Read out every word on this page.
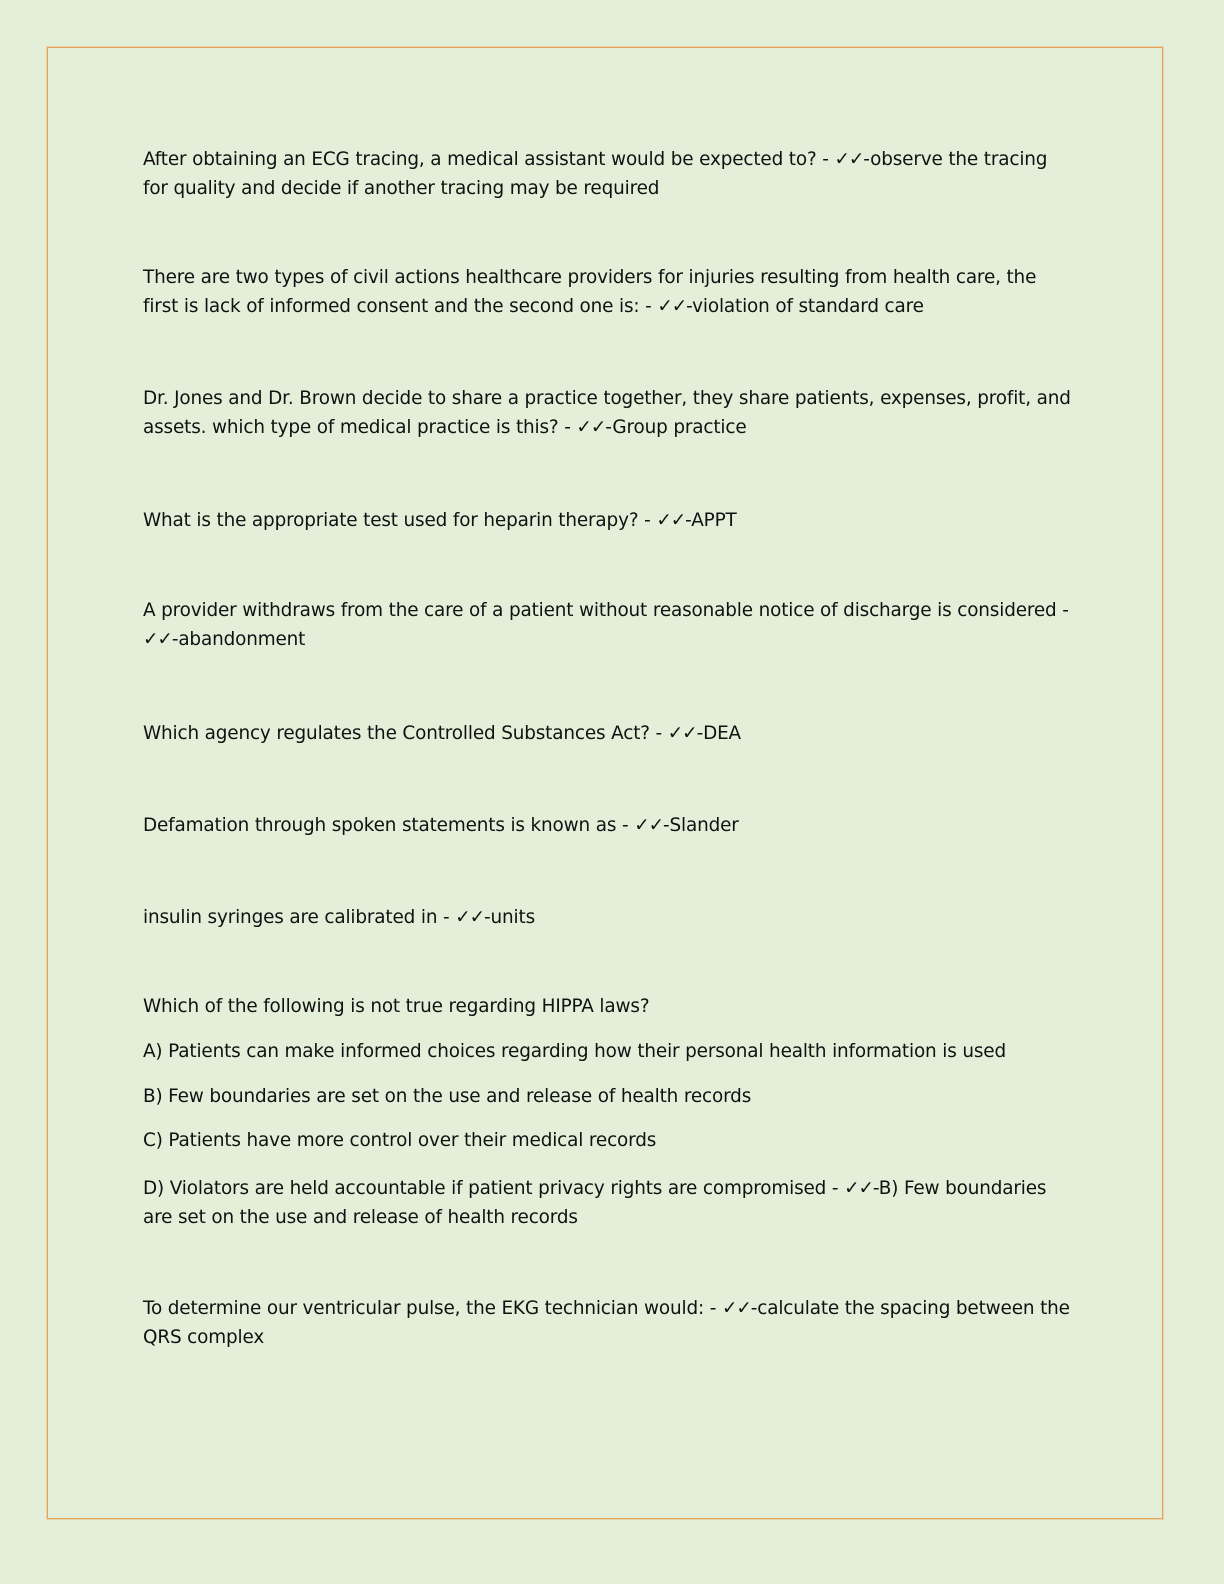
After obtaining an ECG tracing, a medical assistant would be expected to? - ✓✓-observe the tracing for quality and decide if another tracing may be required

There are two types of civil actions healthcare providers for injuries resulting from health care, the first is lack of informed consent and the second one is: - ✓✓-violation of standard care

Dr. Jones and Dr. Brown decide to share a practice together, they share patients, expenses, profit, and assets. which type of medical practice is this? - ✓✓-Group practice

What is the appropriate test used for heparin therapy? - ✓✓-APPT

A provider withdraws from the care of a patient without reasonable notice of discharge is considered - ✓✓-abandonment

Which agency regulates the Controlled Substances Act? - ✓✓-DEA

Defamation through spoken statements is known as - ✓✓-Slander

insulin syringes are calibrated in - ✓✓-units

Which of the following is not true regarding HIPPA laws?

A) Patients can make informed choices regarding how their personal health information is used

B) Few boundaries are set on the use and release of health records

C) Patients have more control over their medical records

D) Violators are held accountable if patient privacy rights are compromised - ✓✓-B) Few boundaries are set on the use and release of health records

To determine our ventricular pulse, the EKG technician would: - ✓✓-calculate the spacing between the QRS complex
